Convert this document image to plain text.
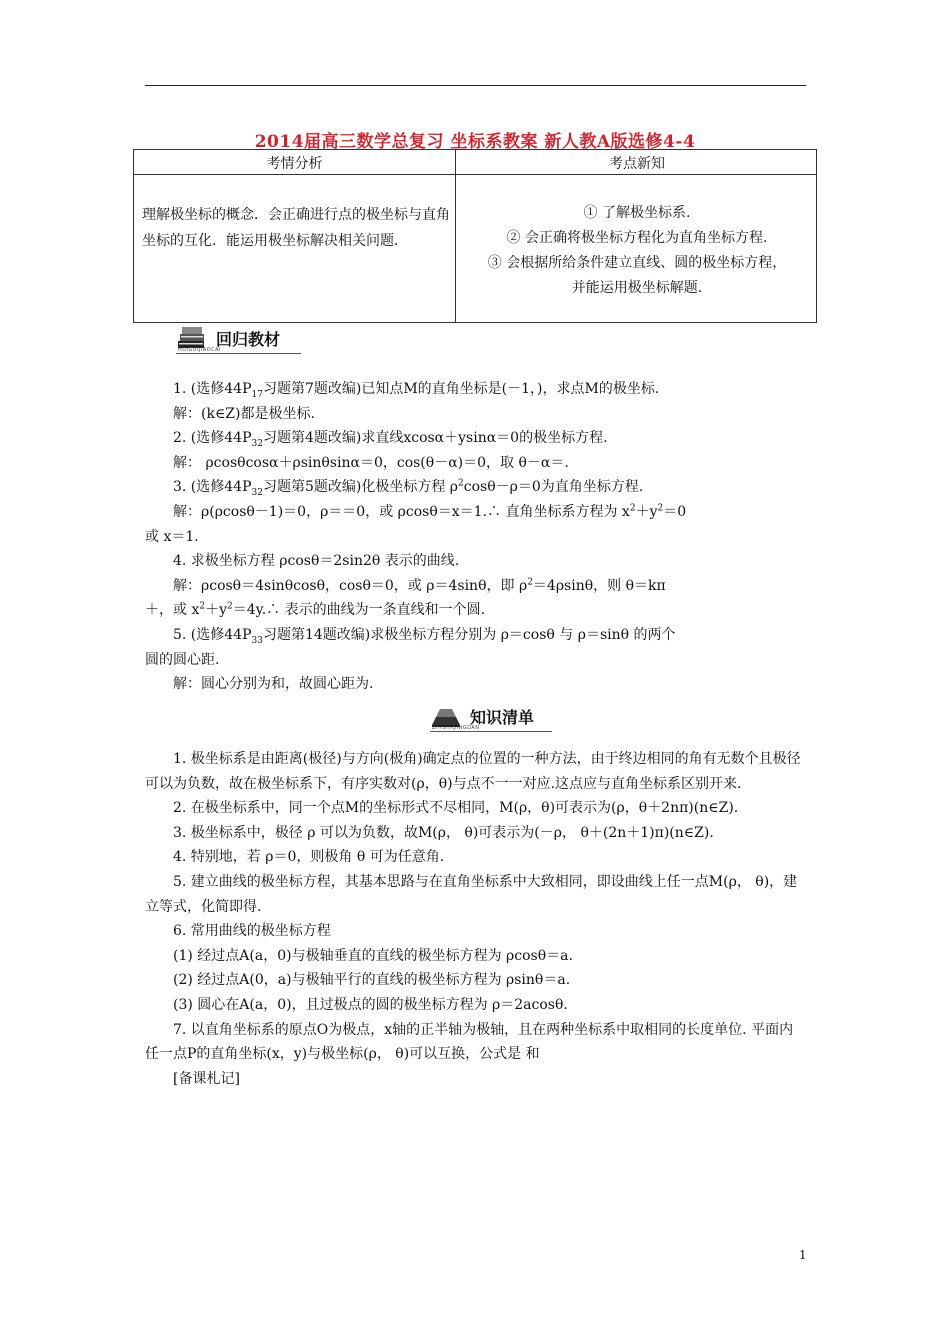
2014届高三数学总复习 坐标系教案 新人教A版选修4-4
考情分析	考点新知
理解极坐标的概念．会正确进行点的极坐标与直角坐标的互化．能运用极坐标解决相关问题．
① 了解极坐标系.
② 会正确将极坐标方程化为直角坐标方程.
③ 会根据所给条件建立直线、圆的极坐标方程，
并能运用极坐标解题.
回归教材
HUIGUIJIAOCAI

1. (选修$44P_{17}$习题第7题改编)已知点M的直角坐标是(－1，)，求点M的极坐标.

解：(k∈Z)都是极坐标.

2. (选修$44P_{32}$习题第4题改编)求直线xcosα＋ysinα＝0的极坐标方程.

解： ρcosθcosα＋ρsinθsinα＝0，cos(θ－α)＝0，取 θ－α＝.

3. (选修$44P_{32}$习题第5题改编)化极坐标方程 $\rho^2\cos\theta-\rho=0$为直角坐标方程.

解：ρ(ρcosθ－1)＝0，ρ＝＝0，或 ρcosθ＝x＝1.∴ 直角坐标系方程为 $x^2+y^2=0$

或 x＝1.

4. 求极坐标方程 ρcosθ＝2sin2θ 表示的曲线.

解：ρcosθ＝4sinθcosθ，cosθ＝0，或 ρ＝4sinθ，即 $\rho^2=4\rho\sin\theta$，则 θ＝kπ

＋，或 $x^2+y^2=4y.\therefore$ 表示的曲线为一条直线和一个圆.

5. (选修$44P_{33}$习题第14题改编)求极坐标方程分别为 ρ＝cosθ 与 ρ＝sinθ 的两个

圆的圆心距.

解：圆心分别为和，故圆心距为.

知识清单
ZHISHIQINGDAN

1. 极坐标系是由距离(极径)与方向(极角)确定点的位置的一种方法，由于终边相同的角有无数个且极径可以为负数，故在极坐标系下，有序实数对(ρ，θ)与点不一一对应.这点应与直角坐标系区别开来.

2. 在极坐标系中，同一个点M的坐标形式不尽相同，M(ρ，θ)可表示为(ρ，θ＋2nπ)(n∈Z).

3. 极坐标系中，极径 ρ 可以为负数，故M(ρ， θ)可表示为(－ρ， θ＋(2n＋1)π)(n∈Z).

4. 特别地，若 ρ＝0，则极角 θ 可为任意角.

5. 建立曲线的极坐标方程，其基本思路与在直角坐标系中大致相同，即设曲线上任一点M(ρ， θ)，建立等式，化简即得.

6. 常用曲线的极坐标方程

(1) 经过点A(a，0)与极轴垂直的直线的极坐标方程为 ρcosθ＝a.

(2) 经过点A(0，a)与极轴平行的直线的极坐标方程为 ρsinθ＝a.

(3) 圆心在A(a，0)，且过极点的圆的极坐标方程为 ρ＝2acosθ.

7. 以直角坐标系的原点O为极点，x轴的正半轴为极轴，且在两种坐标系中取相同的长度单位. 平面内任一点P的直角坐标(x，y)与极坐标(ρ， θ)可以互换，公式是 和

[备课札记]

1
